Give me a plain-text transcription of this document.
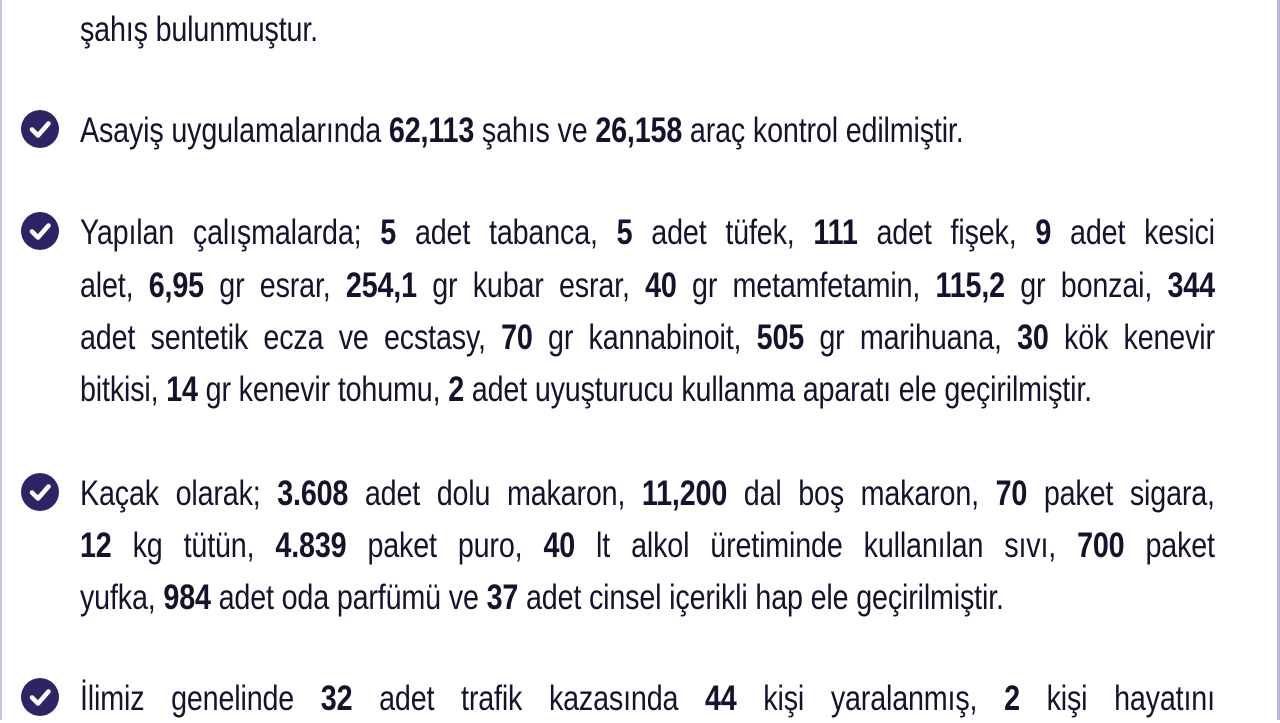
şahış bulunmuştur.
Asayiş uygulamalarında 62,113 şahıs ve 26,158 araç kontrol edilmiştir.
Yapılan çalışmalarda; 5 adet tabanca, 5 adet tüfek, 111 adet fişek, 9 adet kesici
alet, 6,95 gr esrar, 254,1 gr kubar esrar, 40 gr metamfetamin, 115,2 gr bonzai, 344
adet sentetik ecza ve ecstasy, 70 gr kannabinoit, 505 gr marihuana, 30 kök kenevir
bitkisi, 14 gr kenevir tohumu, 2 adet uyuşturucu kullanma aparatı ele geçirilmiştir.
Kaçak olarak; 3.608 adet dolu makaron, 11,200 dal boş makaron, 70 paket sigara,
12 kg tütün, 4.839 paket puro, 40 lt alkol üretiminde kullanılan sıvı, 700 paket
yufka, 984 adet oda parfümü ve 37 adet cinsel içerikli hap ele geçirilmiştir.
İlimiz genelinde 32 adet trafik kazasında 44 kişi yaralanmış, 2 kişi hayatını
